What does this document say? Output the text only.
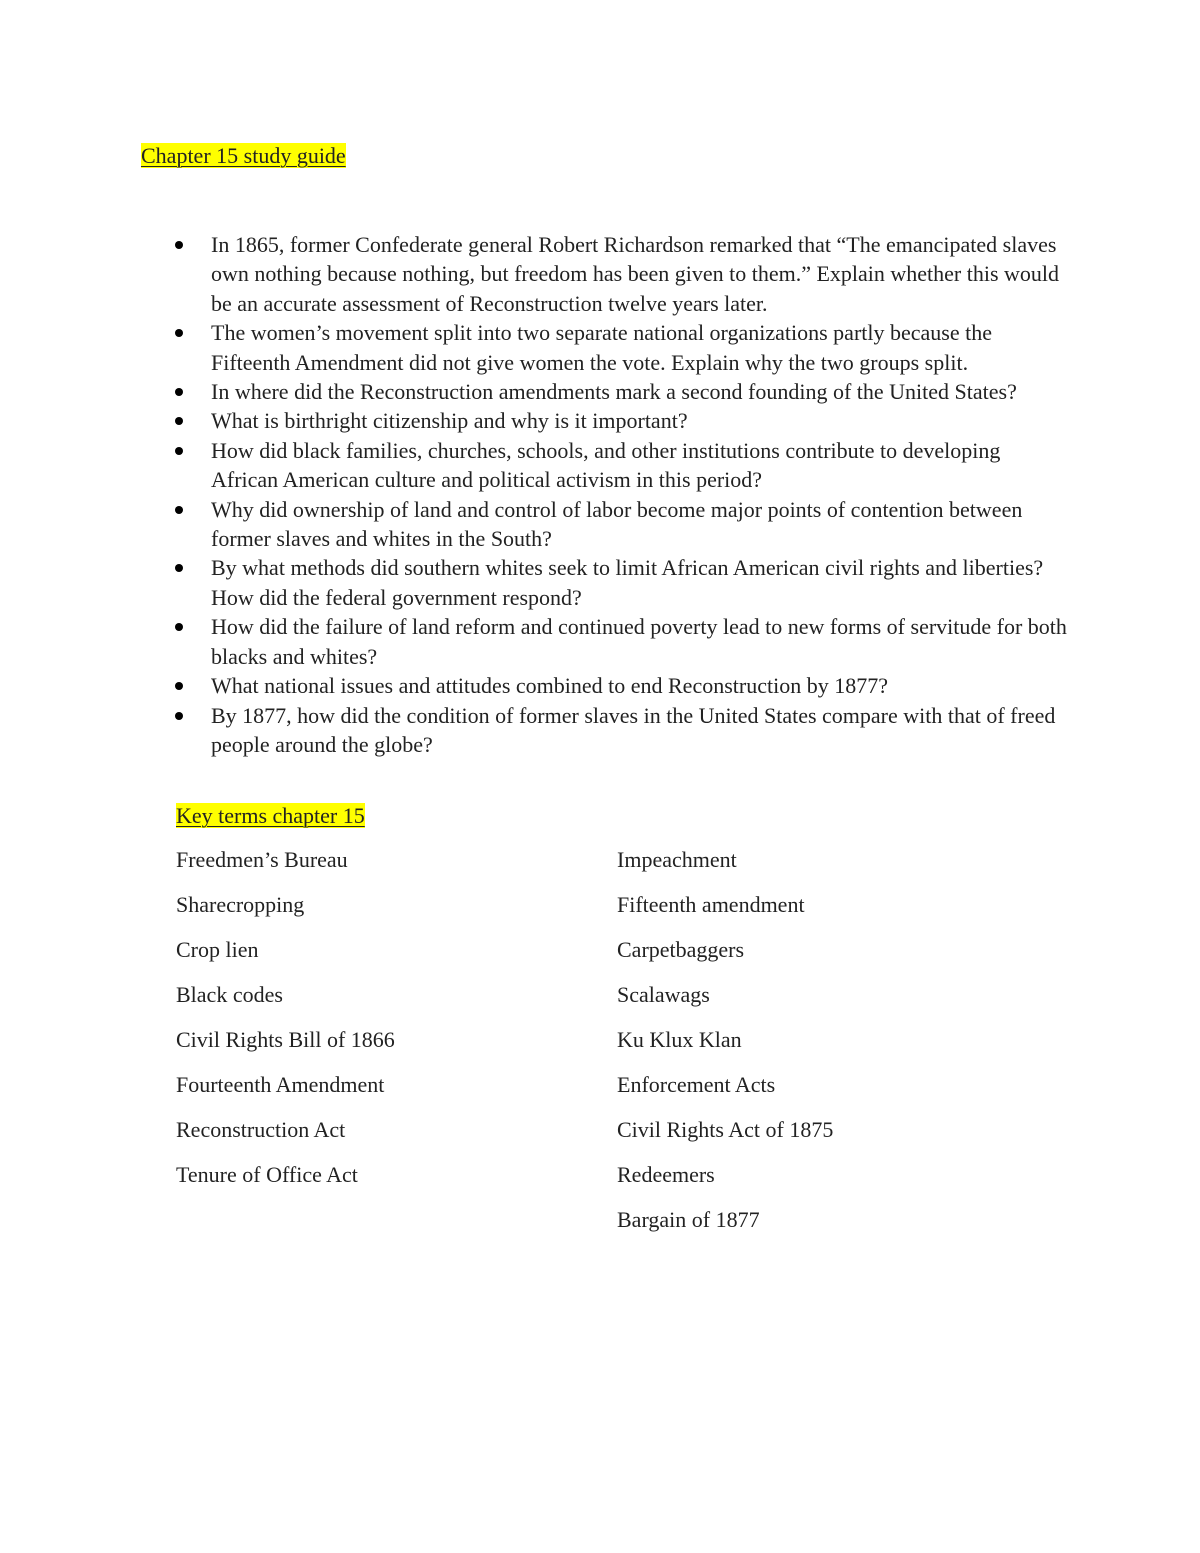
Chapter 15 study guide
In 1865, former Confederate general Robert Richardson remarked that “The emancipated slaves own nothing because nothing, but freedom has been given to them.” Explain whether this would be an accurate assessment of Reconstruction twelve years later.
The women’s movement split into two separate national organizations partly because the Fifteenth Amendment did not give women the vote. Explain why the two groups split.
In where did the Reconstruction amendments mark a second founding of the United States?
What is birthright citizenship and why is it important?
How did black families, churches, schools, and other institutions contribute to developing African American culture and political activism in this period?
Why did ownership of land and control of labor become major points of contention between former slaves and whites in the South?
By what methods did southern whites seek to limit African American civil rights and liberties? How did the federal government respond?
How did the failure of land reform and continued poverty lead to new forms of servitude for both blacks and whites?
What national issues and attitudes combined to end Reconstruction by 1877?
By 1877, how did the condition of former slaves in the United States compare with that of freed people around the globe?
Key terms chapter 15
Freedmen’s Bureau
Sharecropping
Crop lien
Black codes
Civil Rights Bill of 1866
Fourteenth Amendment
Reconstruction Act
Tenure of Office Act
Impeachment
Fifteenth amendment
Carpetbaggers
Scalawags
Ku Klux Klan
Enforcement Acts
Civil Rights Act of 1875
Redeemers
Bargain of 1877
